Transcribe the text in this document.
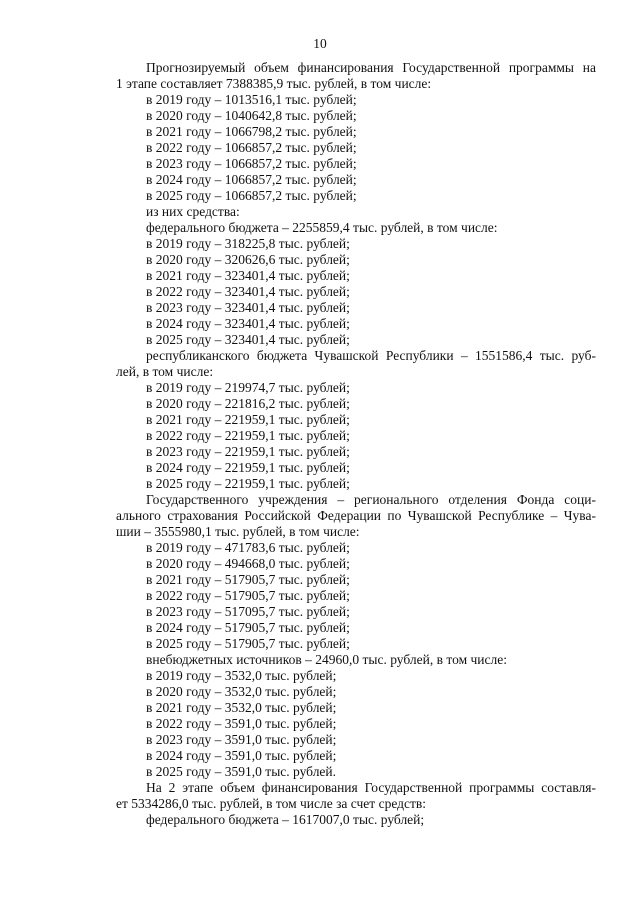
10
Прогнозируемый объем финансирования Государственной программы на
1 этапе составляет 7388385,9 тыс. рублей, в том числе:
в 2019 году – 1013516,1 тыс. рублей;
в 2020 году – 1040642,8 тыс. рублей;
в 2021 году – 1066798,2 тыс. рублей;
в 2022 году – 1066857,2 тыс. рублей;
в 2023 году – 1066857,2 тыс. рублей;
в 2024 году – 1066857,2 тыс. рублей;
в 2025 году – 1066857,2 тыс. рублей;
из них средства:
федерального бюджета – 2255859,4 тыс. рублей, в том числе:
в 2019 году – 318225,8 тыс. рублей;
в 2020 году – 320626,6 тыс. рублей;
в 2021 году – 323401,4 тыс. рублей;
в 2022 году – 323401,4 тыс. рублей;
в 2023 году – 323401,4 тыс. рублей;
в 2024 году – 323401,4 тыс. рублей;
в 2025 году – 323401,4 тыс. рублей;
республиканского бюджета Чувашской Республики – 1551586,4 тыс. руб-
лей, в том числе:
в 2019 году – 219974,7 тыс. рублей;
в 2020 году – 221816,2 тыс. рублей;
в 2021 году – 221959,1 тыс. рублей;
в 2022 году – 221959,1 тыс. рублей;
в 2023 году – 221959,1 тыс. рублей;
в 2024 году – 221959,1 тыс. рублей;
в 2025 году – 221959,1 тыс. рублей;
Государственного учреждения – регионального отделения Фонда соци-
ального страхования Российской Федерации по Чувашской Республике – Чува-
шии – 3555980,1 тыс. рублей, в том числе:
в 2019 году – 471783,6 тыс. рублей;
в 2020 году – 494668,0 тыс. рублей;
в 2021 году – 517905,7 тыс. рублей;
в 2022 году – 517905,7 тыс. рублей;
в 2023 году – 517095,7 тыс. рублей;
в 2024 году – 517905,7 тыс. рублей;
в 2025 году – 517905,7 тыс. рублей;
внебюджетных источников – 24960,0 тыс. рублей, в том числе:
в 2019 году – 3532,0 тыс. рублей;
в 2020 году – 3532,0 тыс. рублей;
в 2021 году – 3532,0 тыс. рублей;
в 2022 году – 3591,0 тыс. рублей;
в 2023 году – 3591,0 тыс. рублей;
в 2024 году – 3591,0 тыс. рублей;
в 2025 году – 3591,0 тыс. рублей.
На 2 этапе объем финансирования Государственной программы составля-
ет 5334286,0 тыс. рублей, в том числе за счет средств:
федерального бюджета – 1617007,0 тыс. рублей;
